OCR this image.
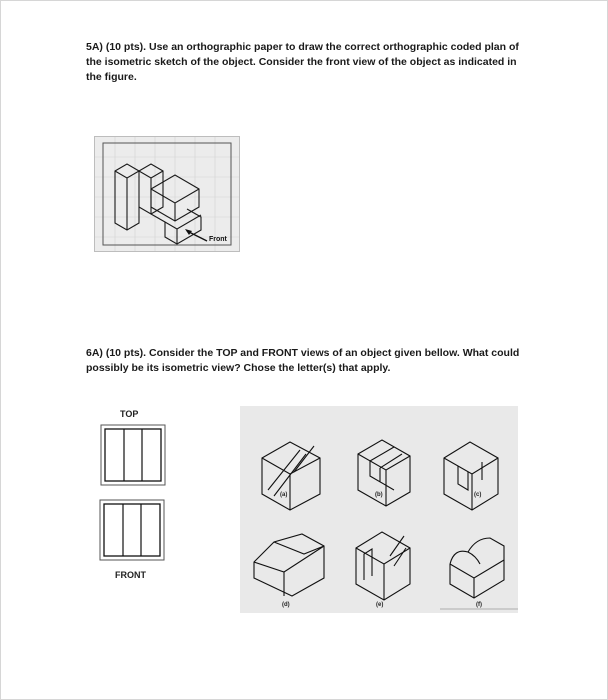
5A) (10 pts). Use an orthographic paper to draw the correct orthographic coded plan of the isometric sketch of the object. Consider the front view of the object as indicated in the figure.
Front
6A) (10 pts). Consider the TOP and FRONT views of an object given bellow. What could possibly be its isometric view? Chose the letter(s) that apply.
TOP
FRONT
(a)	(b)	(c)
(d)	(e)	(f)
